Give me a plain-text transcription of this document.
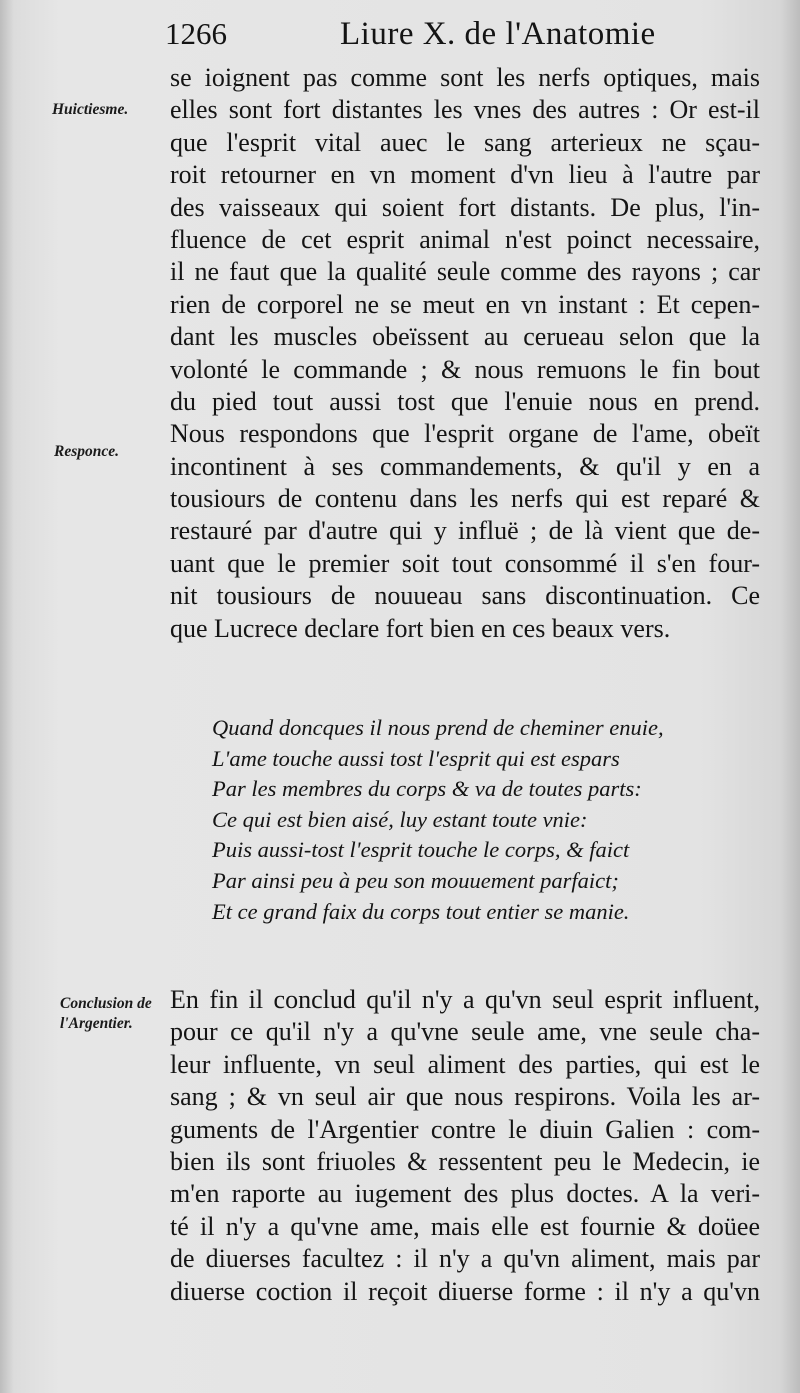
1266	Liure X. de l'Anatomie
Huictiesme.
Responce.
Conclusion de
l'Argentier.
se ioignent pas comme sont les nerfs optiques, mais
elles sont fort distantes les vnes des autres : Or est-il
que l'esprit vital auec le sang arterieux ne sçau-
roit retourner en vn moment d'vn lieu à l'autre par
des vaisseaux qui soient fort distants. De plus, l'in-
fluence de cet esprit animal n'est poinct necessaire,
il ne faut que la qualité seule comme des rayons ; car
rien de corporel ne se meut en vn instant : Et cepen-
dant les muscles obeïssent au cerueau selon que la
volonté le commande ; & nous remuons le fin bout
du pied tout aussi tost que l'enuie nous en prend.
Nous respondons que l'esprit organe de l'ame, obeït
incontinent à ses commandements, & qu'il y en a
tousiours de contenu dans les nerfs qui est reparé &
restauré par d'autre qui y influë ; de là vient que de-
uant que le premier soit tout consommé il s'en four-
nit tousiours de nouueau sans discontinuation. Ce
que Lucrece declare fort bien en ces beaux vers.
Quand doncques il nous prend de cheminer enuie,
L'ame touche aussi tost l'esprit qui est espars
Par les membres du corps & va de toutes parts:
Ce qui est bien aisé, luy estant toute vnie:
Puis aussi-tost l'esprit touche le corps, & faict
Par ainsi peu à peu son mouuement parfaict;
Et ce grand faix du corps tout entier se manie.
En fin il conclud qu'il n'y a qu'vn seul esprit influent,
pour ce qu'il n'y a qu'vne seule ame, vne seule cha-
leur influente, vn seul aliment des parties, qui est le
sang ; & vn seul air que nous respirons. Voila les ar-
guments de l'Argentier contre le diuin Galien : com-
bien ils sont friuoles & ressentent peu le Medecin, ie
m'en raporte au iugement des plus doctes. A la veri-
té il n'y a qu'vne ame, mais elle est fournie & doüee
de diuerses facultez : il n'y a qu'vn aliment, mais par
diuerse coction il reçoit diuerse forme : il n'y a qu'vn
